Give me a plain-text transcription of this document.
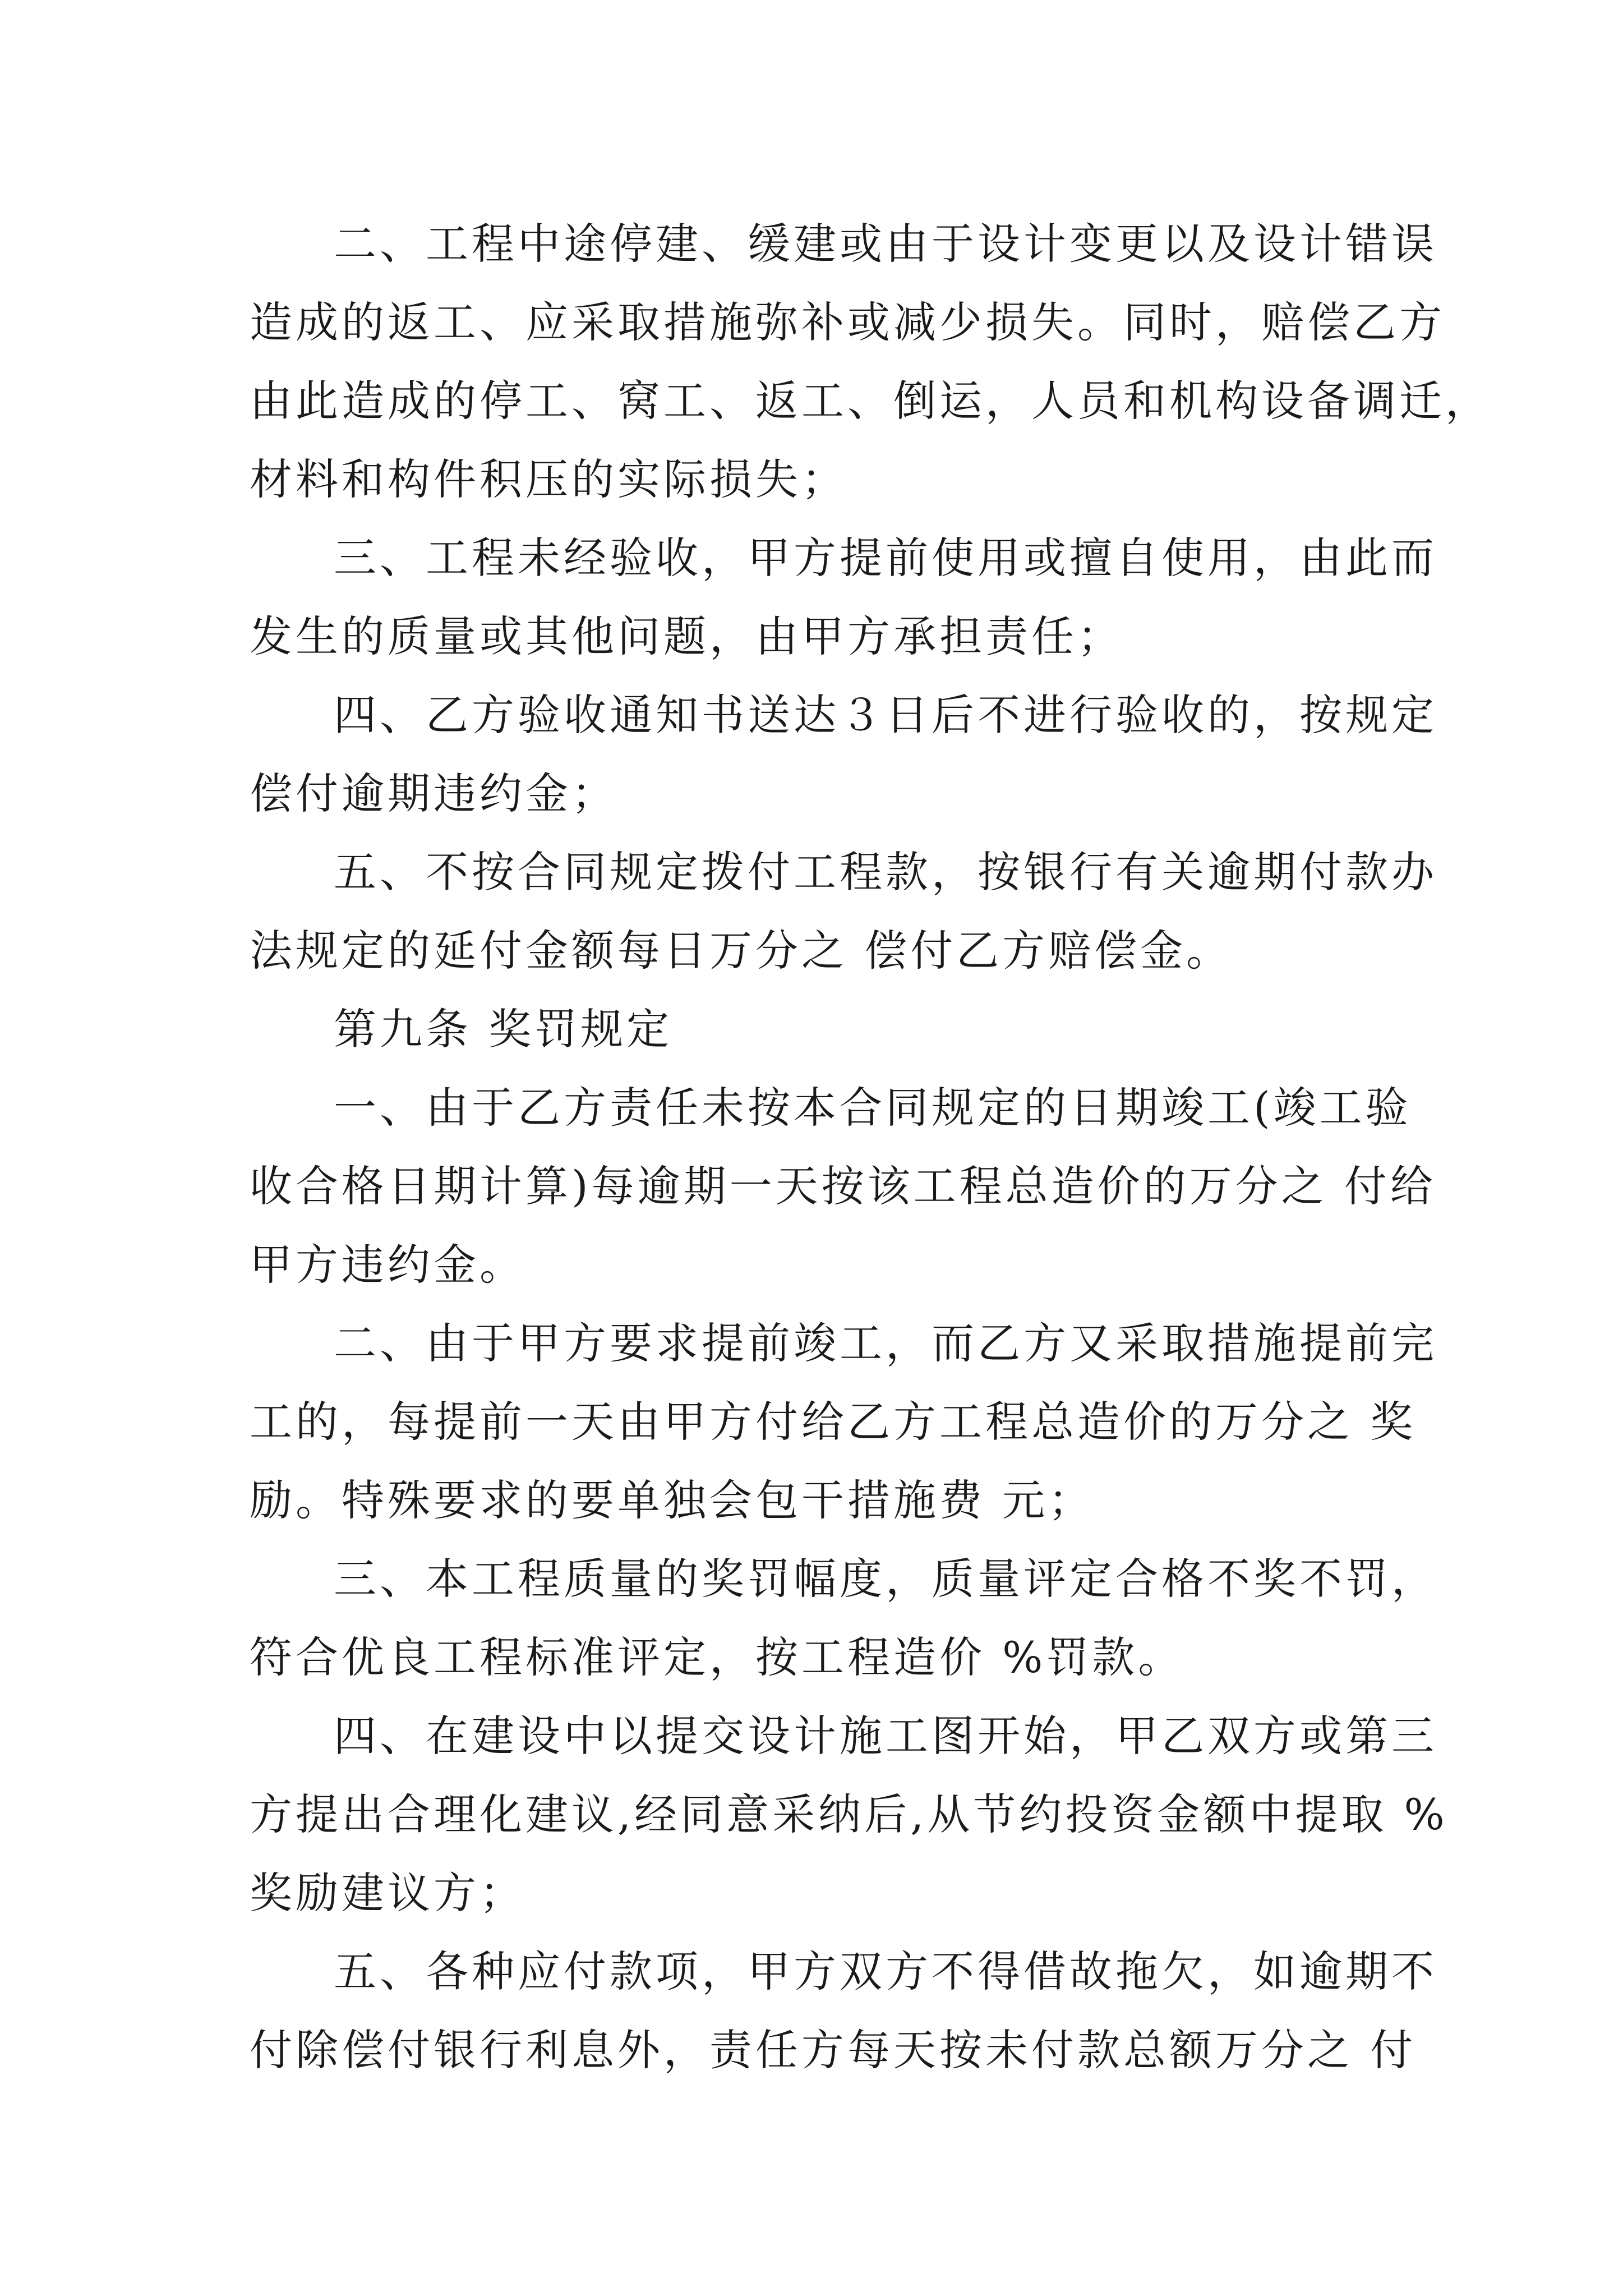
二、工程中途停建、缓建或由于设计变更以及设计错误
造成的返工、应采取措施弥补或减少损失。同时，赔偿乙方
由此造成的停工、窝工、返工、倒运，人员和机构设备调迁，
材料和构件积压的实际损失；
三、工程未经验收，甲方提前使用或擅自使用，由此而
发生的质量或其他问题，由甲方承担责任；
四、乙方验收通知书送达３日后不进行验收的，按规定
偿付逾期违约金；
五、不按合同规定拨付工程款，按银行有关逾期付款办
法规定的延付金额每日万分之 偿付乙方赔偿金。
第九条 奖罚规定
一、由于乙方责任未按本合同规定的日期竣工(竣工验
收合格日期计算)每逾期一天按该工程总造价的万分之 付给
甲方违约金。
二、由于甲方要求提前竣工，而乙方又采取措施提前完
工的，每提前一天由甲方付给乙方工程总造价的万分之 奖
励。特殊要求的要单独会包干措施费 元；
三、本工程质量的奖罚幅度，质量评定合格不奖不罚，
符合优良工程标准评定，按工程造价 %罚款。
四、在建设中以提交设计施工图开始，甲乙双方或第三
方提出合理化建议,经同意采纳后,从节约投资金额中提取 %
奖励建议方；
五、各种应付款项，甲方双方不得借故拖欠，如逾期不
付除偿付银行利息外，责任方每天按未付款总额万分之 付
